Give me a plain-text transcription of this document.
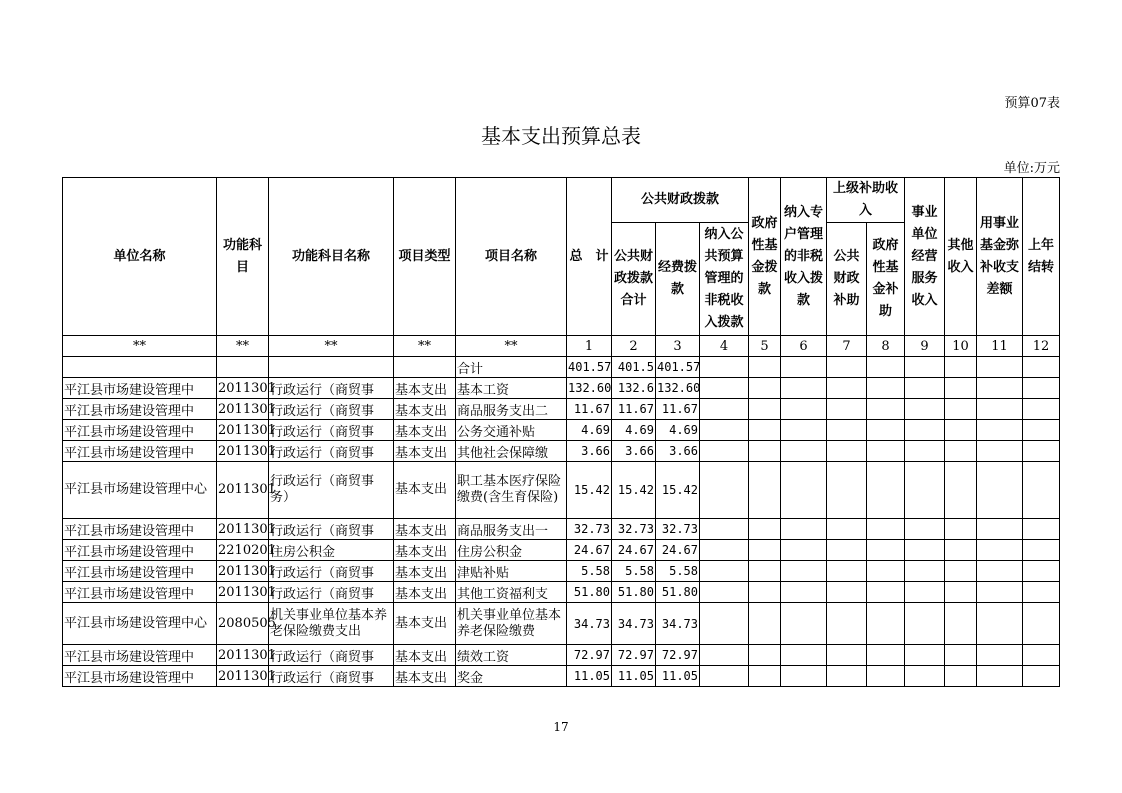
预算07表
基本支出预算总表
单位:万元
单位名称	功能科目	功能科目名称	项目类型	项目名称	总　计	公共财政拨款			政府性基金拨款	纳入专户管理的非税收入拨款	上级补助收入		事业单位经营服务收入	其他收入	用事业基金弥补收支差额	上年结转
						公共财政拨款合计	经费拨款	纳入公共预算管理的非税收入拨款			公共财政补助	政府性基金补助				
**	**	**	**	**	1	2	3	4	5	6	7	8	9	10	11	12
				合计	401.57	401.5	401.57									
平江县市场建设管理中	2011301	行政运行（商贸事	基本支出	基本工资	132.60	132.6	132.60									
平江县市场建设管理中	2011301	行政运行（商贸事	基本支出	商品服务支出二	11.67	11.67	11.67									
平江县市场建设管理中	2011301	行政运行（商贸事	基本支出	公务交通补贴	4.69	4.69	4.69									
平江县市场建设管理中	2011301	行政运行（商贸事	基本支出	其他社会保障缴	3.66	3.66	3.66									
平江县市场建设管理中心	2011301	行政运行（商贸事务）	基本支出	职工基本医疗保险缴费(含生育保险)	15.42	15.42	15.42									
平江县市场建设管理中	2011301	行政运行（商贸事	基本支出	商品服务支出一	32.73	32.73	32.73									
平江县市场建设管理中	2210201	住房公积金	基本支出	住房公积金	24.67	24.67	24.67									
平江县市场建设管理中	2011301	行政运行（商贸事	基本支出	津贴补贴	5.58	5.58	5.58									
平江县市场建设管理中	2011301	行政运行（商贸事	基本支出	其他工资福利支	51.80	51.80	51.80									
平江县市场建设管理中心	2080505	机关事业单位基本养老保险缴费支出	基本支出	机关事业单位基本养老保险缴费	34.73	34.73	34.73									
平江县市场建设管理中	2011301	行政运行（商贸事	基本支出	绩效工资	72.97	72.97	72.97									
平江县市场建设管理中	2011301	行政运行（商贸事	基本支出	奖金	11.05	11.05	11.05									
17
